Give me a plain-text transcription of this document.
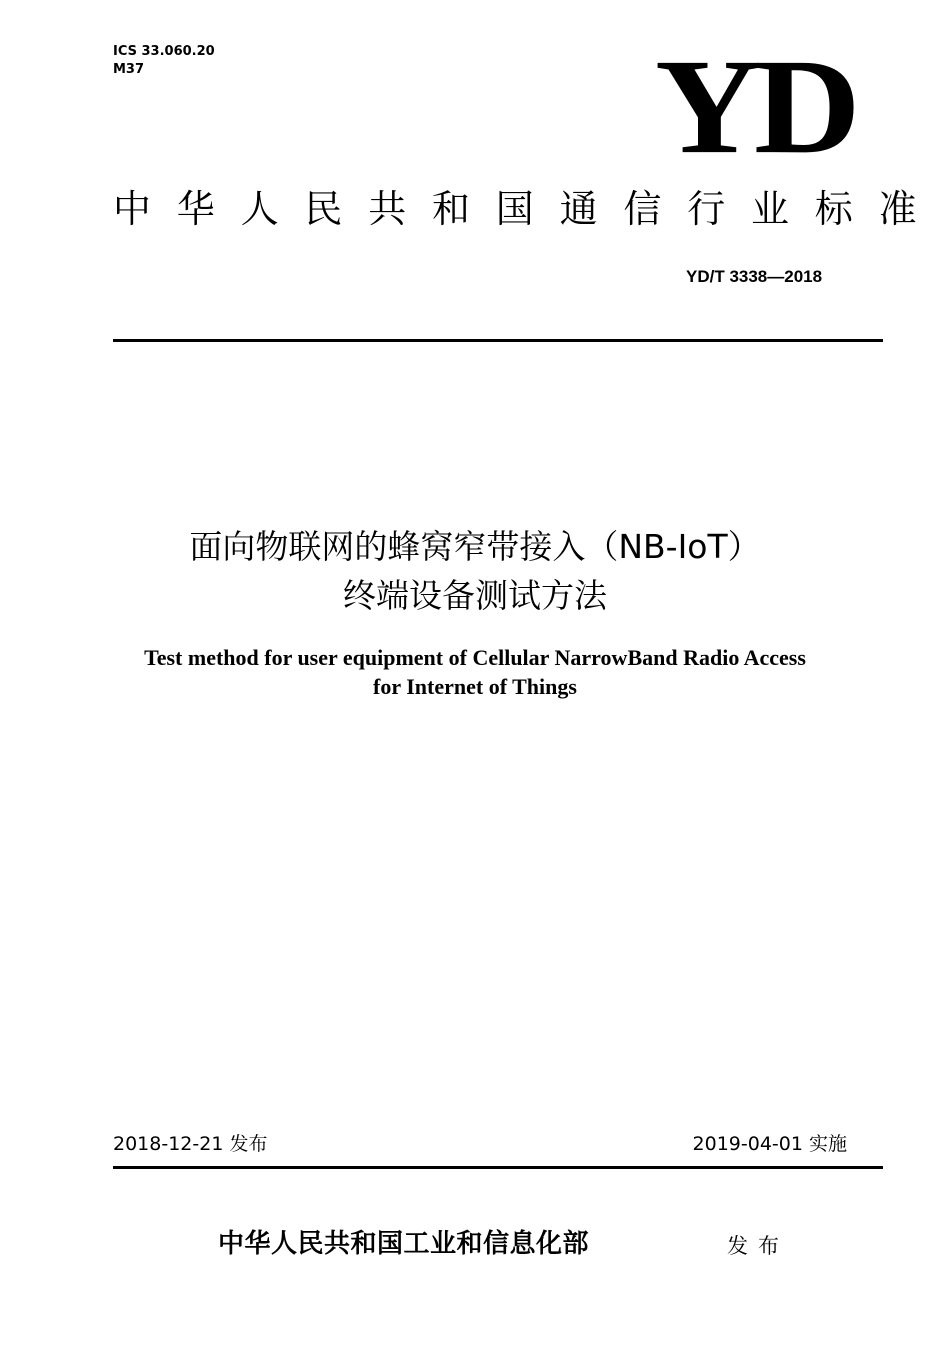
ICS 33.060.20
M37	YD
中华人民共和国通信行业标准
YD/T 3338—2018
面向物联网的蜂窝窄带接入（NB-IoT）
终端设备测试方法
Test method for user equipment of Cellular NarrowBand Radio Access
for Internet of Things
2018-12-21 发布	2019-04-01 实施
中华人民共和国工业和信息化部	发布
